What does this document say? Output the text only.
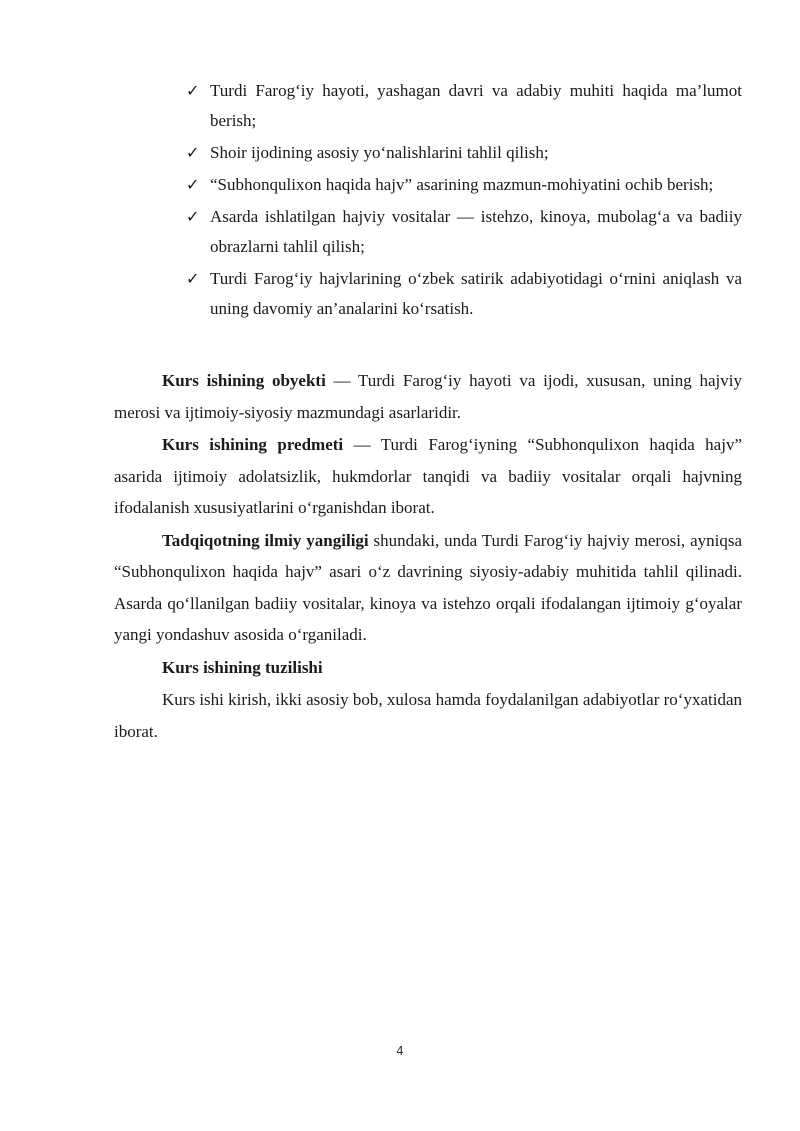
✓ Turdi Farog‘iy hayoti, yashagan davri va adabiy muhiti haqida ma’lumot berish;
✓ Shoir ijodining asosiy yo‘nalishlarini tahlil qilish;
✓ “Subhonqulixon haqida hajv” asarining mazmun-mohiyatini ochib berish;
✓ Asarda ishlatilgan hajviy vositalar — istehzo, kinoya, mubolag‘a va badiiy obrazlarni tahlil qilish;
✓ Turdi Farog‘iy hajvlarining o‘zbek satirik adabiyotidagi o‘rnini aniqlash va uning davomiy an’analarini ko‘rsatish.

Kurs ishining obyekti — Turdi Farog‘iy hayoti va ijodi, xususan, uning hajviy merosi va ijtimoiy-siyosiy mazmundagi asarlaridir.

Kurs ishining predmeti — Turdi Farog‘iyning “Subhonqulixon haqida hajv” asarida ijtimoiy adolatsizlik, hukmdorlar tanqidi va badiiy vositalar orqali hajvning ifodalanish xususiyatlarini o‘rganishdan iborat.

Tadqiqotning ilmiy yangiligi shundaki, unda Turdi Farog‘iy hajviy merosi, ayniqsa “Subhonqulixon haqida hajv” asari o‘z davrining siyosiy-adabiy muhitida tahlil qilinadi. Asarda qo‘llanilgan badiiy vositalar, kinoya va istehzo orqali ifodalangan ijtimoiy g‘oyalar yangi yondashuv asosida o‘rganiladi.

Kurs ishining tuzilishi

Kurs ishi kirish, ikki asosiy bob, xulosa hamda foydalanilgan adabiyotlar ro‘yxatidan iborat.

4
